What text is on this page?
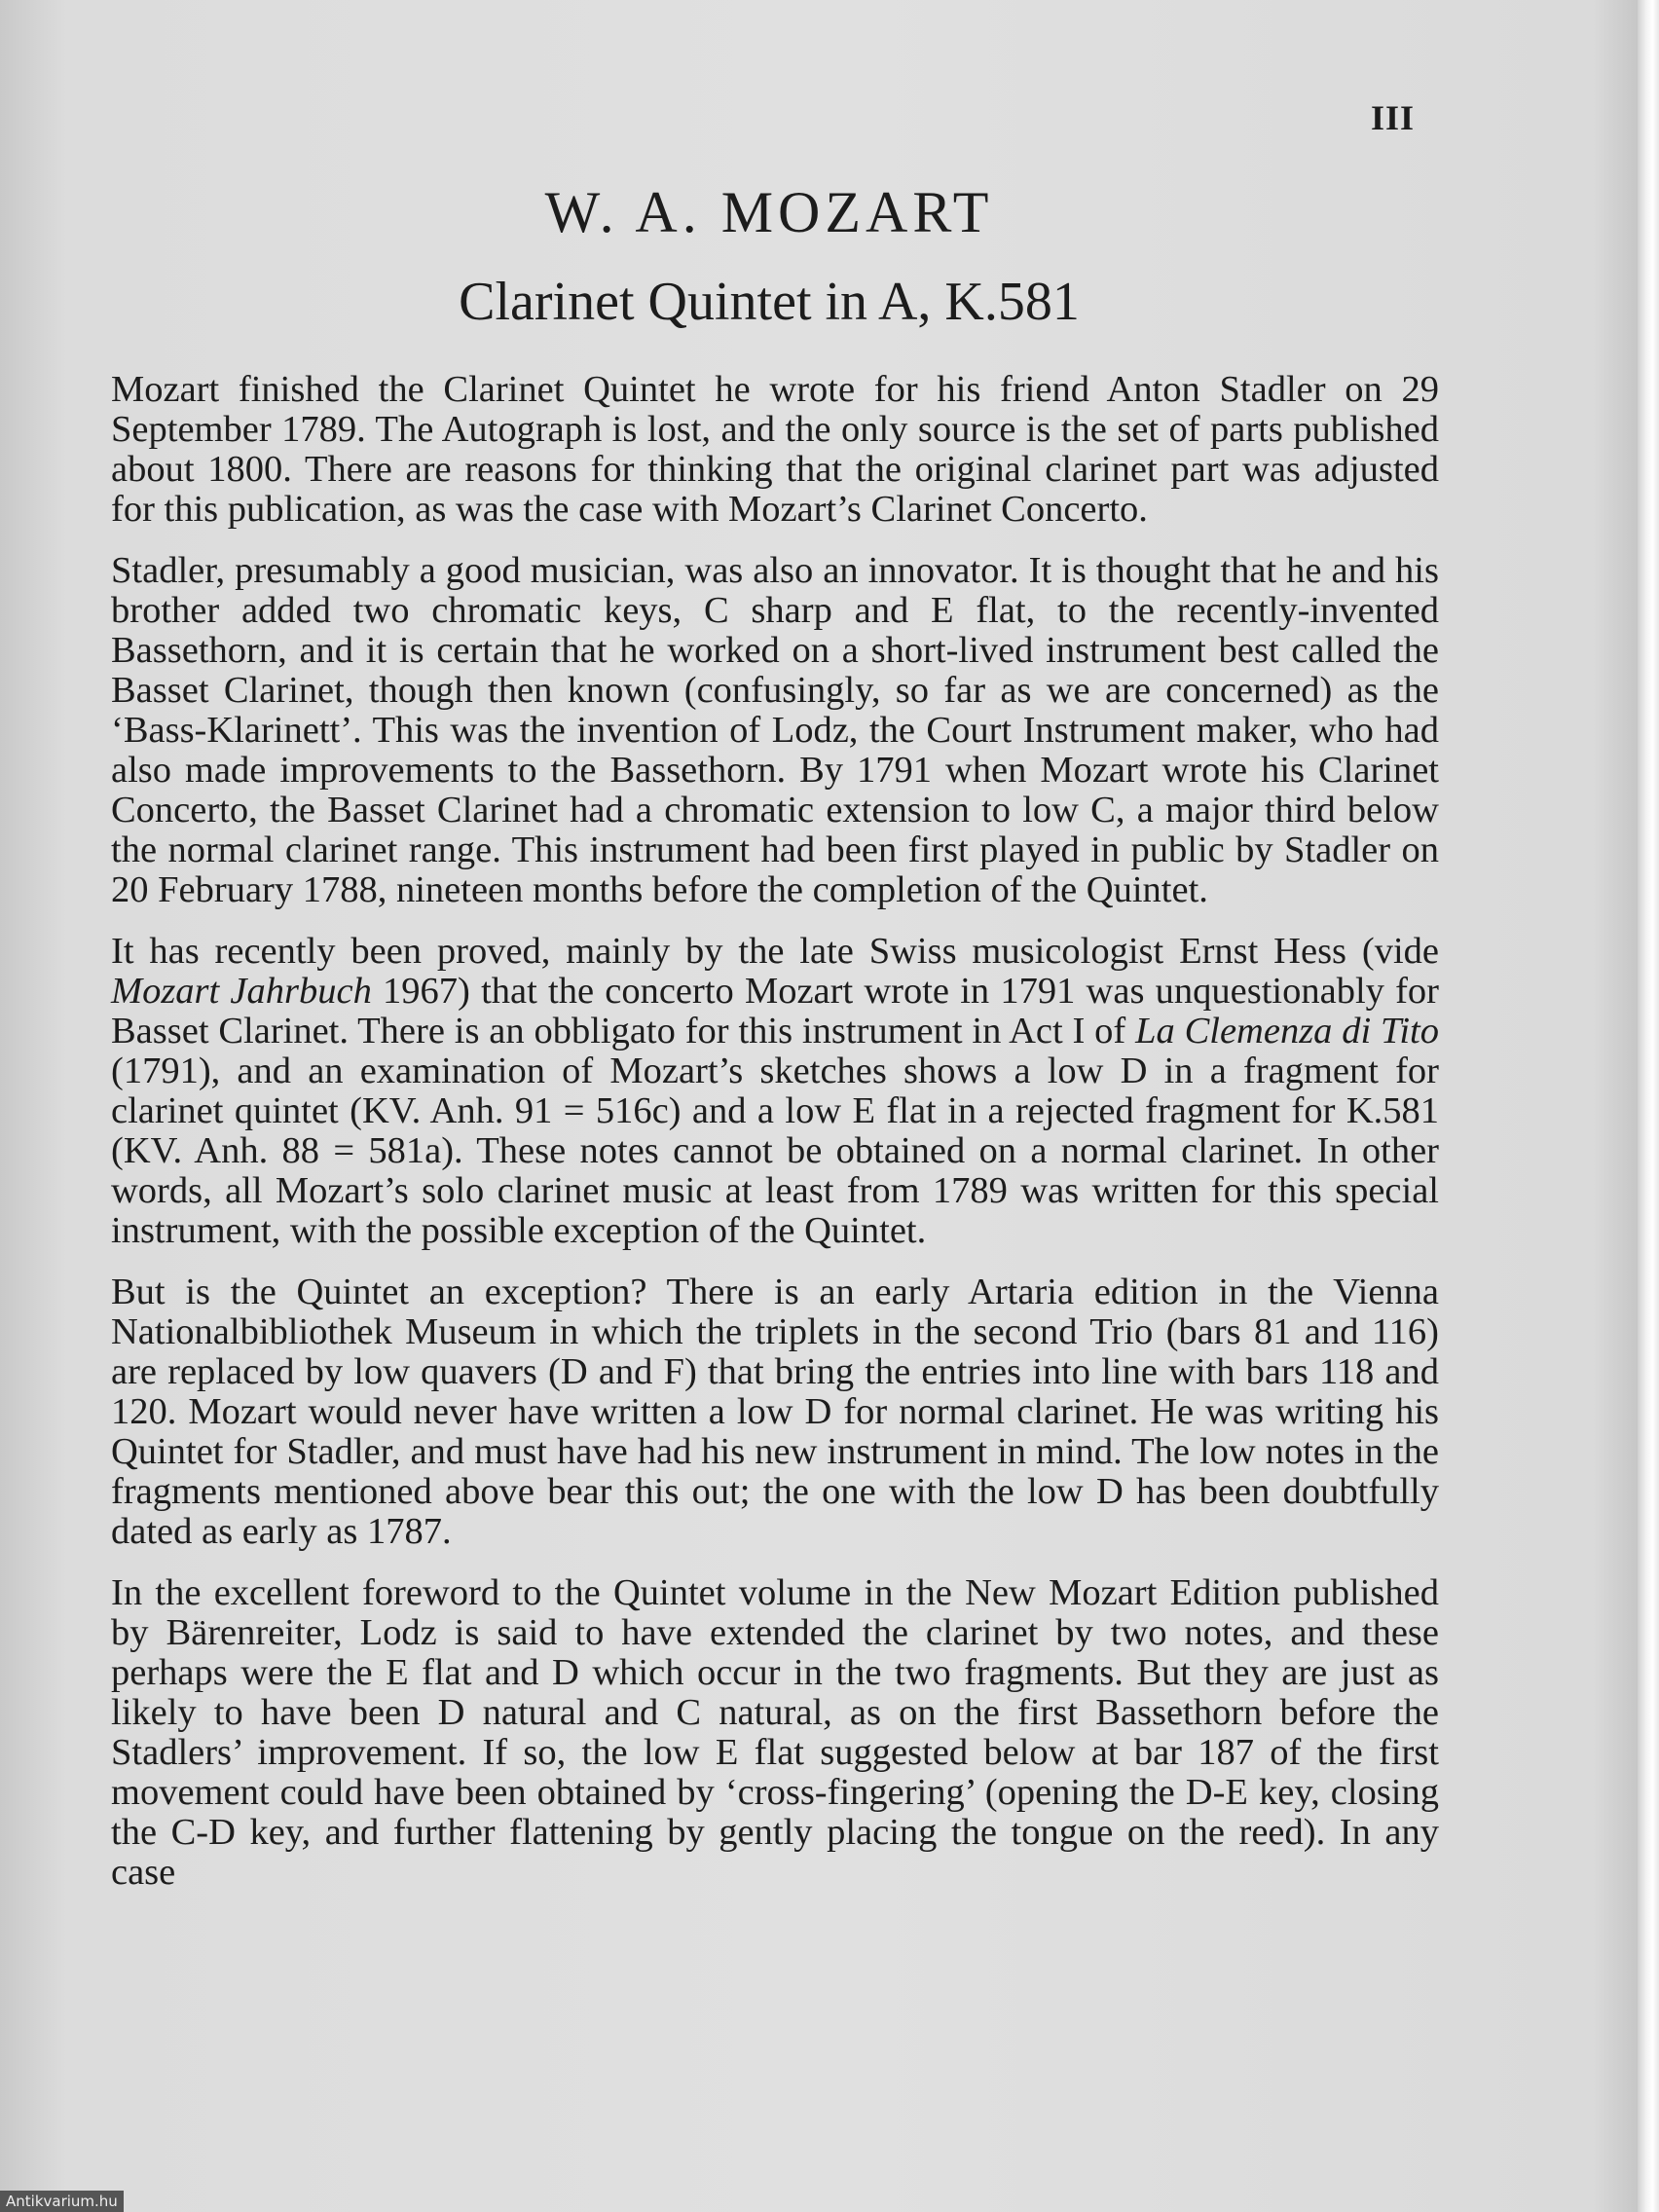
III
W. A. MOZART
Clarinet Quintet in A, K.581

Mozart finished the Clarinet Quintet he wrote for his friend Anton Stadler on 29 September 1789. The Autograph is lost, and the only source is the set of parts published about 1800. There are reasons for thinking that the original clarinet part was adjusted for this publication, as was the case with Mozart’s Clarinet Concerto.

Stadler, presumably a good musician, was also an innovator. It is thought that he and his brother added two chromatic keys, C sharp and E flat, to the recently-invented Bassethorn, and it is certain that he worked on a short-lived instrument best called the Basset Clarinet, though then known (confusingly, so far as we are concerned) as the ‘Bass-Klarinett’. This was the invention of Lodz, the Court Instrument maker, who had also made improvements to the Bassethorn. By 1791 when Mozart wrote his Clarinet Concerto, the Basset Clarinet had a chromatic extension to low C, a major third below the normal clarinet range. This instrument had been first played in public by Stadler on 20 February 1788, nineteen months before the completion of the Quintet.

It has recently been proved, mainly by the late Swiss musicologist Ernst Hess (vide Mozart Jahrbuch 1967) that the concerto Mozart wrote in 1791 was unquestionably for Basset Clarinet. There is an obbligato for this instrument in Act I of La Clemenza di Tito (1791), and an examination of Mozart’s sketches shows a low D in a fragment for clarinet quintet (KV. Anh. 91 = 516c) and a low E flat in a rejected fragment for K.581 (KV. Anh. 88 = 581a). These notes cannot be obtained on a normal clarinet. In other words, all Mozart’s solo clarinet music at least from 1789 was written for this special instrument, with the possible exception of the Quintet.

But is the Quintet an exception? There is an early Artaria edition in the Vienna Nationalbibliothek Museum in which the triplets in the second Trio (bars 81 and 116) are replaced by low quavers (D and F) that bring the entries into line with bars 118 and 120. Mozart would never have written a low D for normal clarinet. He was writing his Quintet for Stadler, and must have had his new instrument in mind. The low notes in the fragments mentioned above bear this out; the one with the low D has been doubtfully dated as early as 1787.

In the excellent foreword to the Quintet volume in the New Mozart Edition published by Bärenreiter, Lodz is said to have extended the clarinet by two notes, and these perhaps were the E flat and D which occur in the two fragments. But they are just as likely to have been D natural and C natural, as on the first Bassethorn before the Stadlers’ improvement. If so, the low E flat suggested below at bar 187 of the first movement could have been obtained by ‘cross-fingering’ (opening the D-E key, closing the C-D key, and further flattening by gently placing the tongue on the reed). In any case

Antikvarium.hu
